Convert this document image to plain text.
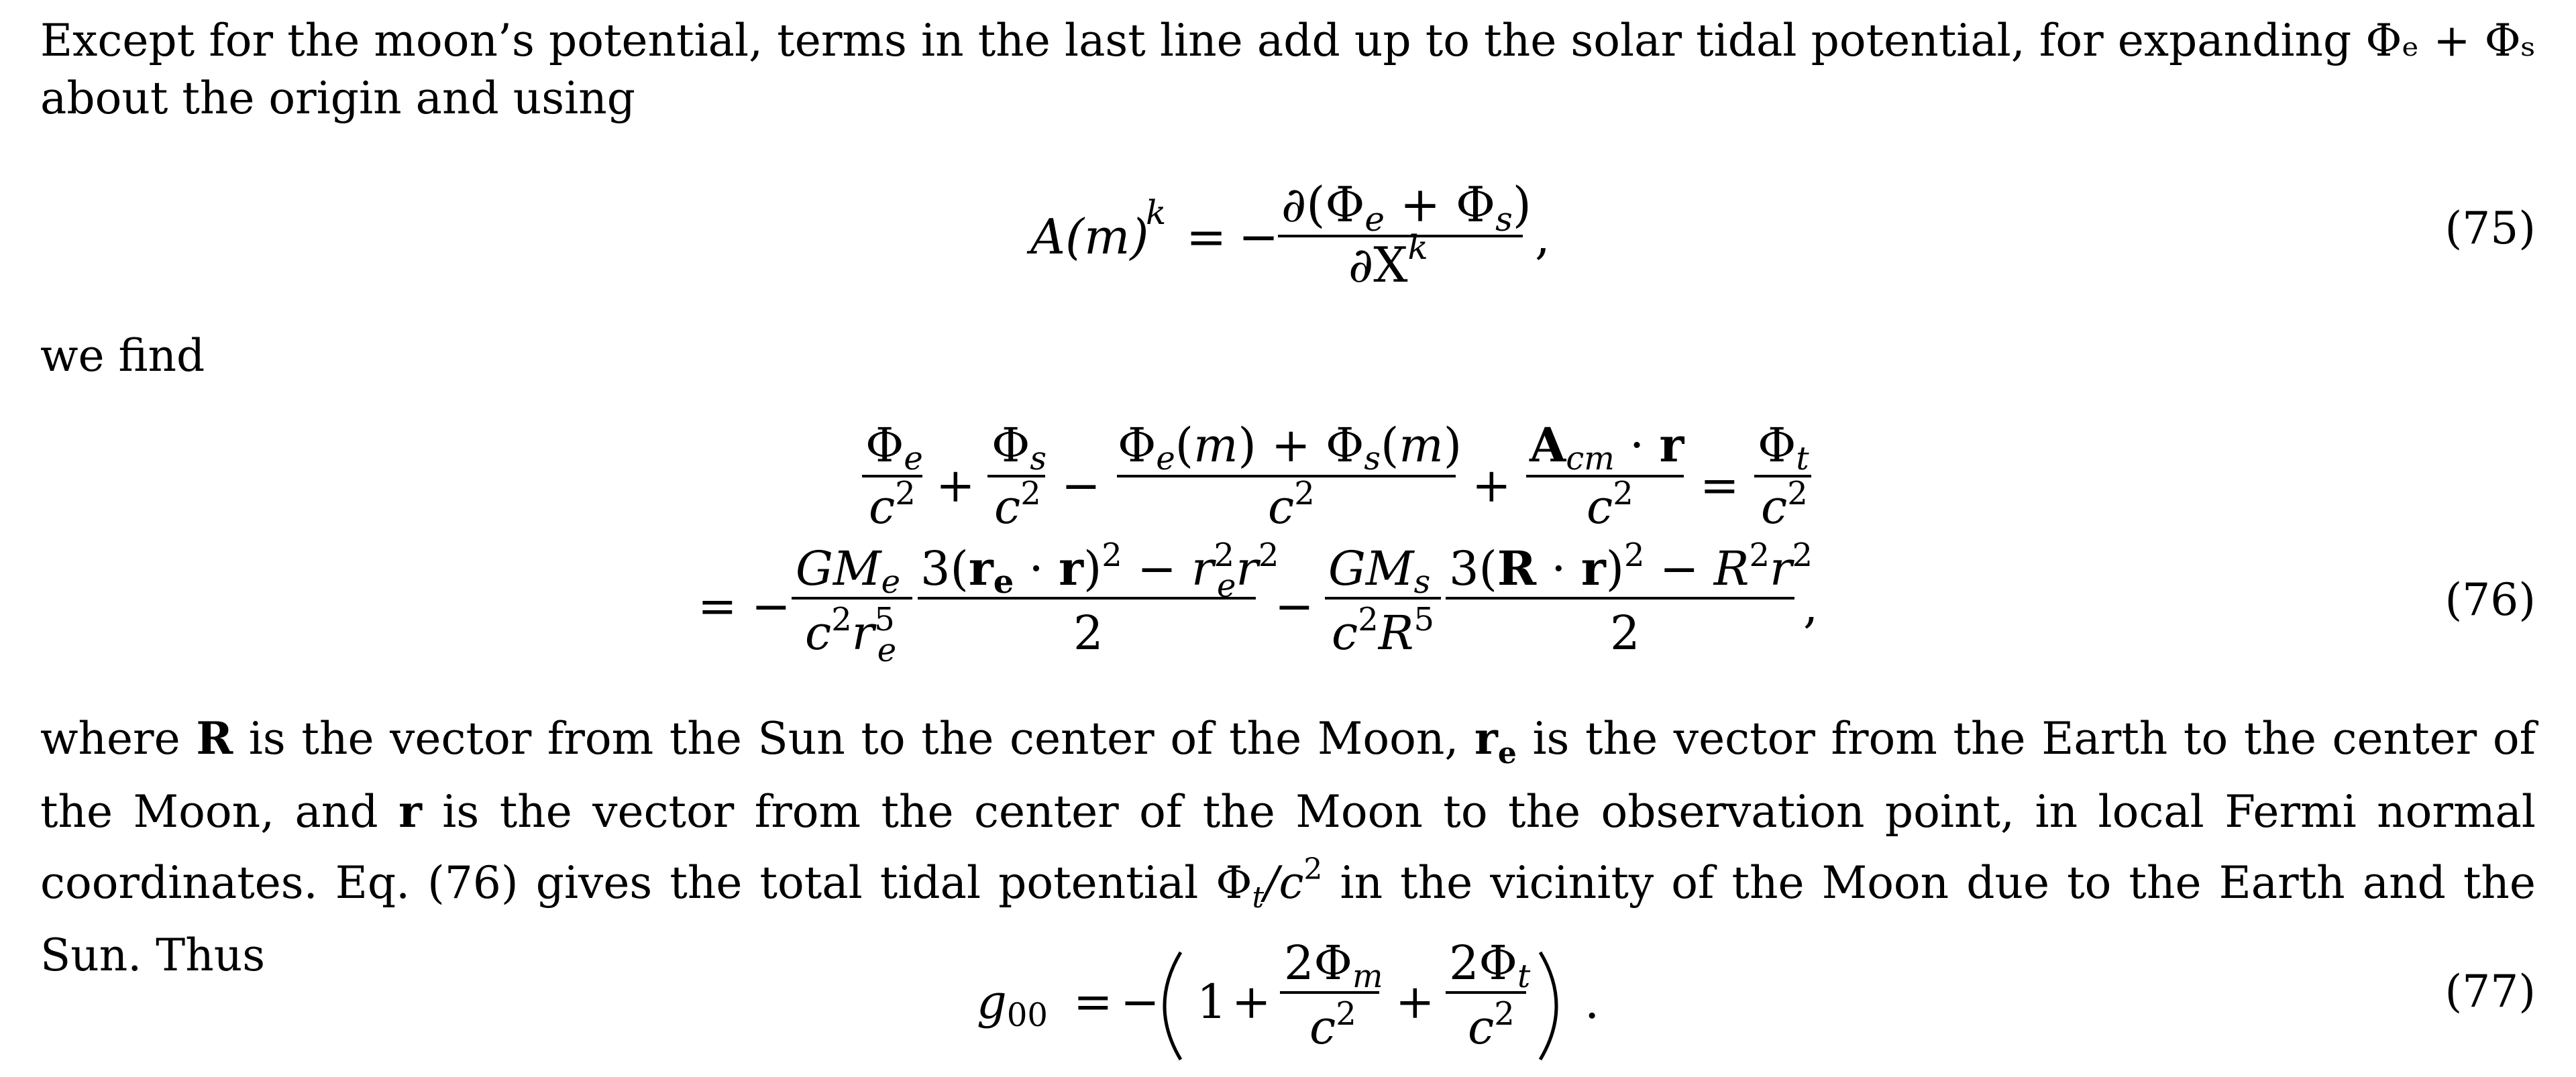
Except for the moon’s potential, terms in the last line add up to the solar tidal potential, for expanding Φₑ + Φₛ about the origin and using
A(m)
k = −
∂(Φe + Φs)
$\partial X^k$ ,	(75)
we find
Φe
$c^2$ +
Φs
$c^2$ −
Φe(m) + Φs(m)
$c^2$	+
Acm · r
$c^2$ =
Φt
$c^2$
= −
GMe
$c^2r^5$ e
$3(re \cdot r)^2 - r^2$ $er^2$
2	−
GMs
$c^2R^5$
$3(R \cdot r)^2 - R^2r^2$
2	,	(76)
where R is the vector from the Sun to the center of the Moon, $r_e$ is the vector from the Earth to the center of the Moon, and r is the vector from the center of the Moon to the observation point, in local Fermi normal coordinates. Eq. (76) gives the total tidal potential $\Phi_t/c^2$ in the vicinity of the Moon due to the Earth and the Sun. Thus
g00 = − 1 +
2Φm
$c^2$ +
2Φt
$c^2$ .	(77)
